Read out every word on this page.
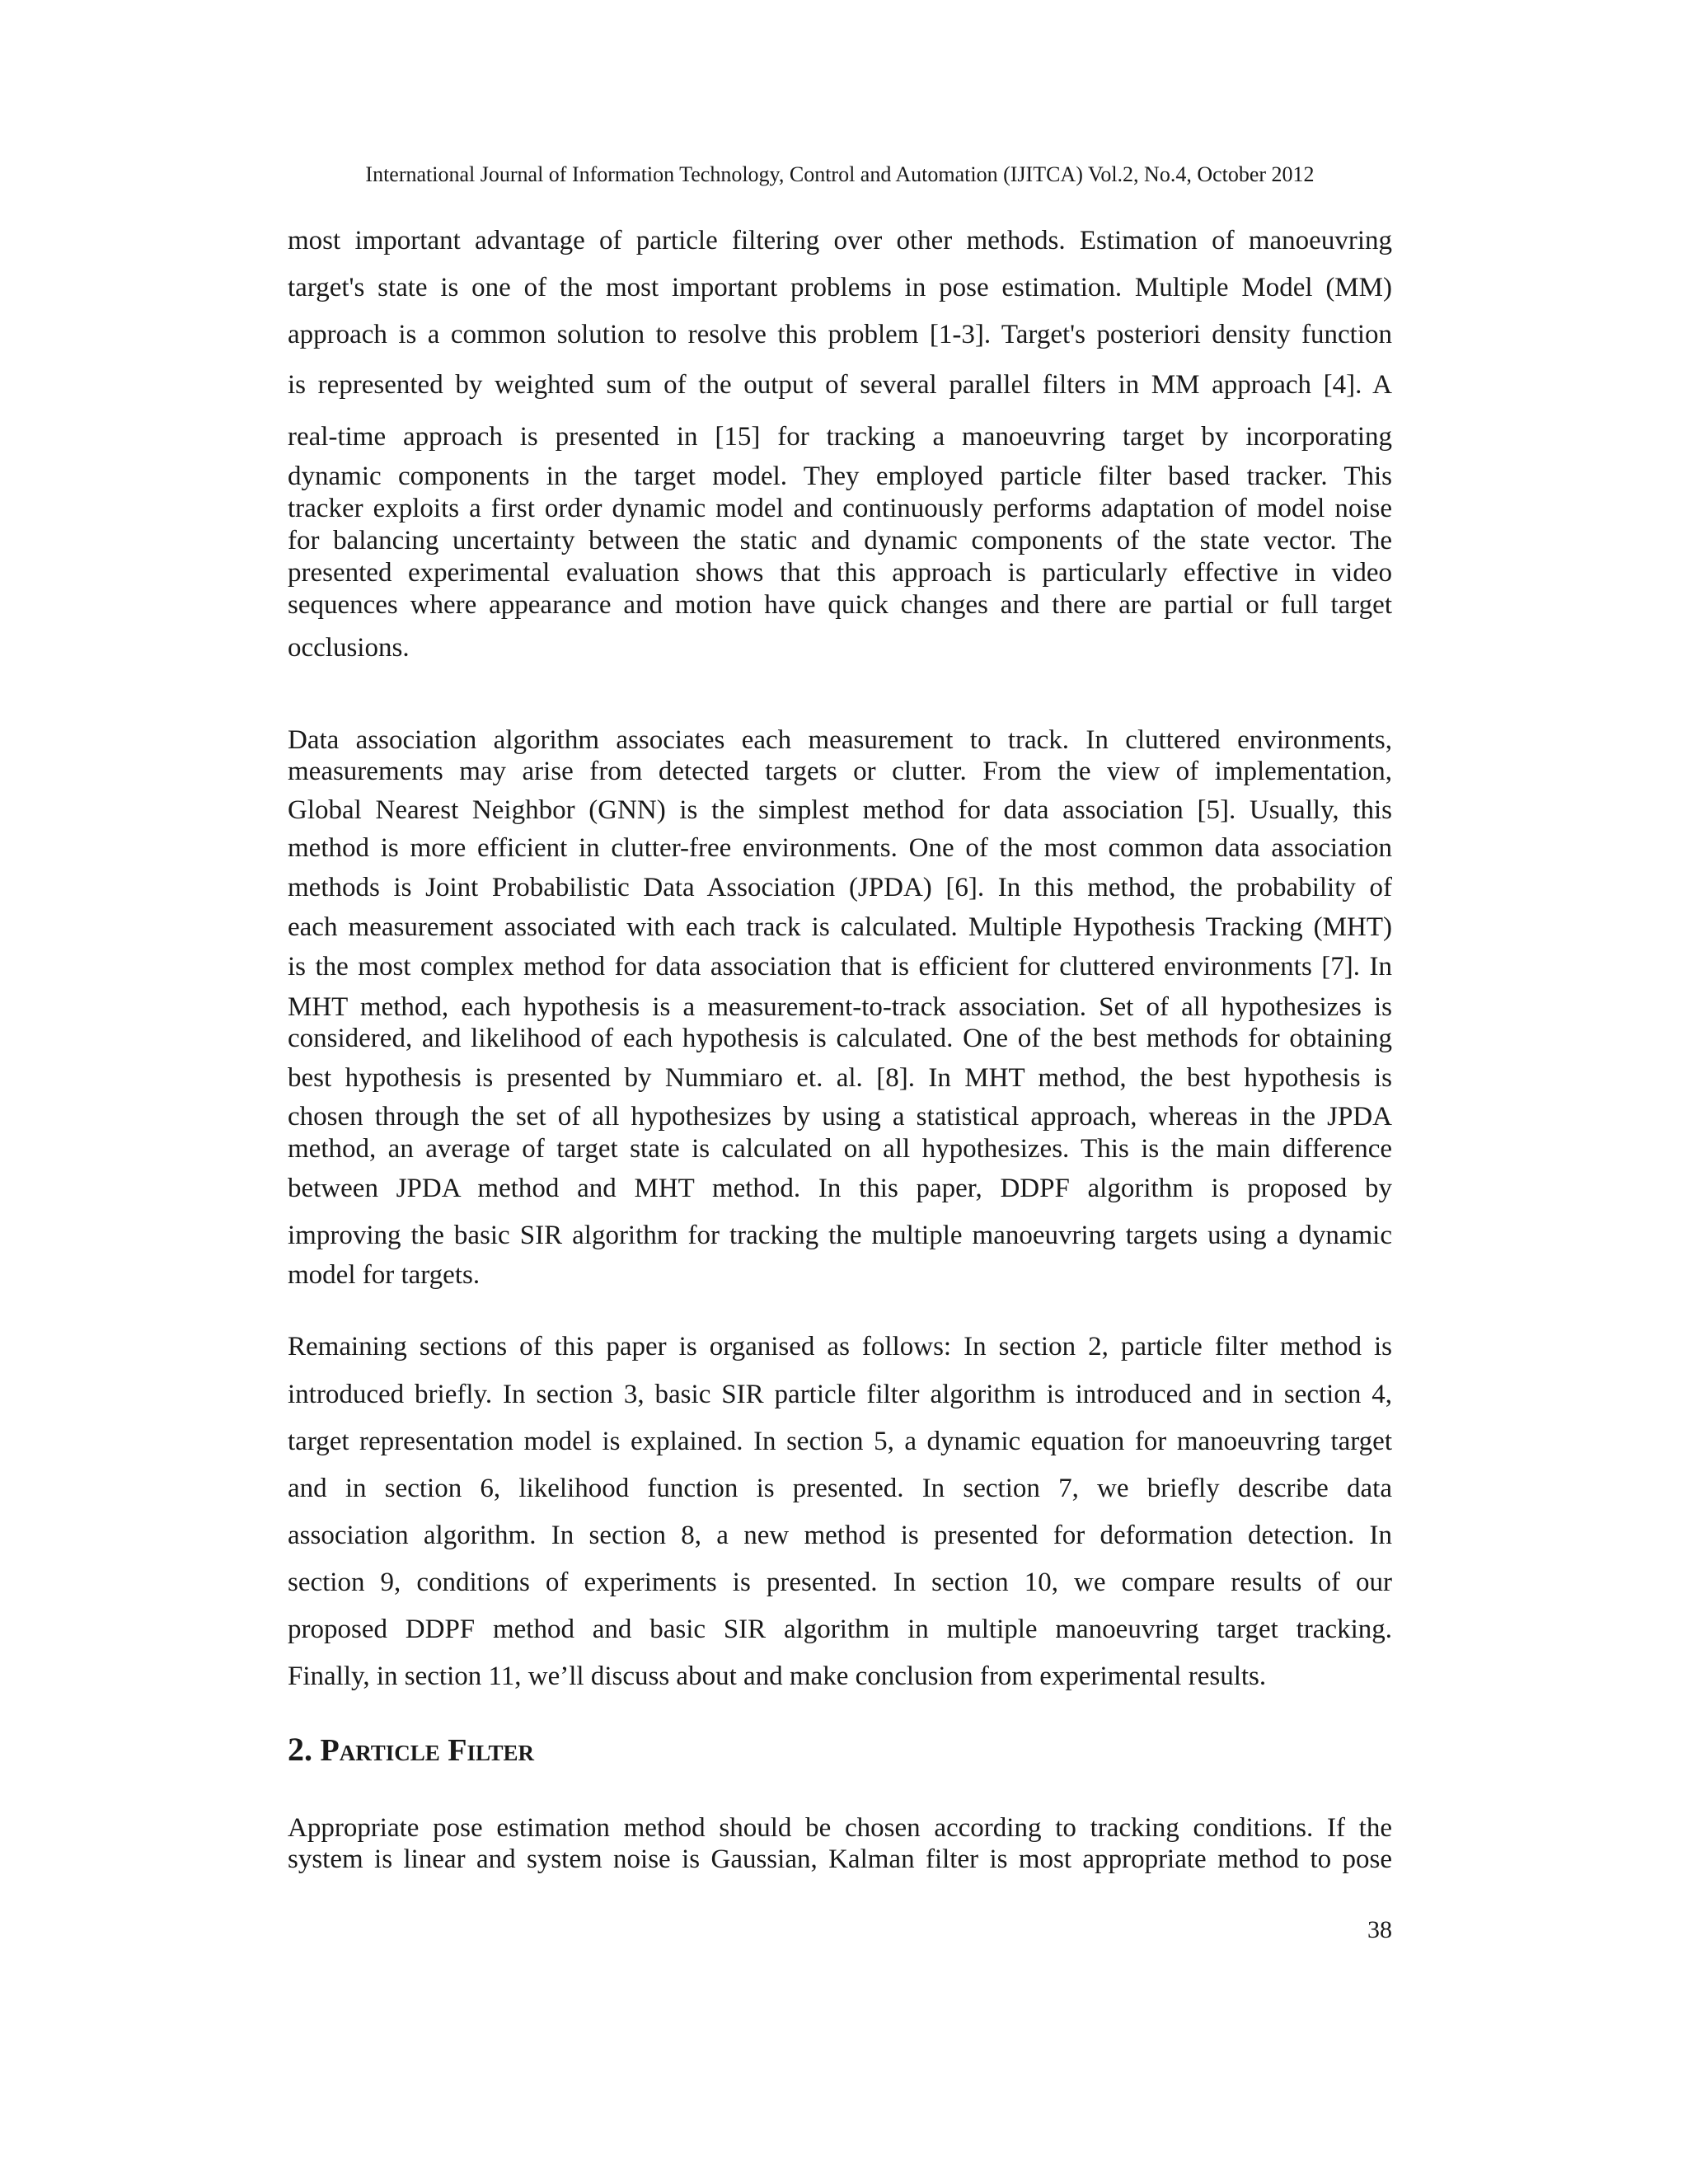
International Journal of Information Technology, Control and Automation (IJITCA) Vol.2, No.4, October 2012
most important advantage of particle filtering over other methods. Estimation of manoeuvring
target's state is one of the most important problems in pose estimation. Multiple Model (MM)
approach is a common solution to resolve this problem [1-3]. Target's posteriori density function
is represented by weighted sum of the output of several parallel filters in MM approach [4]. A
real-time approach is presented in [15] for tracking a manoeuvring target by incorporating
dynamic components in the target model. They employed particle filter based tracker. This
tracker exploits a first order dynamic model and continuously performs adaptation of model noise
for balancing uncertainty between the static and dynamic components of the state vector. The
presented experimental evaluation shows that this approach is particularly effective in video
sequences where appearance and motion have quick changes and there are partial or full target
occlusions.
Data association algorithm associates each measurement to track. In cluttered environments,
measurements may arise from detected targets or clutter. From the view of implementation,
Global Nearest Neighbor (GNN) is the simplest method for data association [5]. Usually, this
method is more efficient in clutter-free environments. One of the most common data association
methods is Joint Probabilistic Data Association (JPDA) [6]. In this method, the probability of
each measurement associated with each track is calculated. Multiple Hypothesis Tracking (MHT)
is the most complex method for data association that is efficient for cluttered environments [7]. In
MHT method, each hypothesis is a measurement-to-track association. Set of all hypothesizes is
considered, and likelihood of each hypothesis is calculated. One of the best methods for obtaining
best hypothesis is presented by Nummiaro et. al. [8]. In MHT method, the best hypothesis is
chosen through the set of all hypothesizes by using a statistical approach, whereas in the JPDA
method, an average of target state is calculated on all hypothesizes. This is the main difference
between JPDA method and MHT method. In this paper, DDPF algorithm is proposed by
improving the basic SIR algorithm for tracking the multiple manoeuvring targets using a dynamic
model for targets.
Remaining sections of this paper is organised as follows: In section 2, particle filter method is
introduced briefly. In section 3, basic SIR particle filter algorithm is introduced and in section 4,
target representation model is explained. In section 5, a dynamic equation for manoeuvring target
and in section 6, likelihood function is presented. In section 7, we briefly describe data
association algorithm. In section 8, a new method is presented for deformation detection. In
section 9, conditions of experiments is presented. In section 10, we compare results of our
proposed DDPF method and basic SIR algorithm in multiple manoeuvring target tracking.
Finally, in section 11, we’ll discuss about and make conclusion from experimental results.
2. Particle Filter
Appropriate pose estimation method should be chosen according to tracking conditions. If the
system is linear and system noise is Gaussian, Kalman filter is most appropriate method to pose
38
